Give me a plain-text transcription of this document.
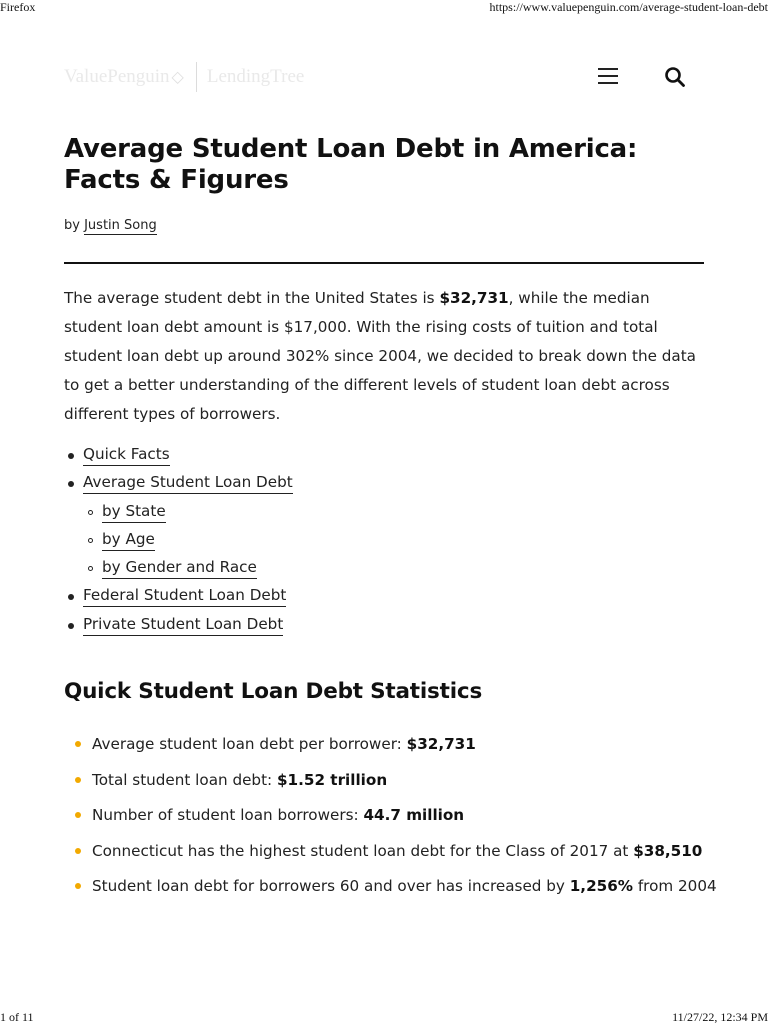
Firefox	https://www.valuepenguin.com/average-student-loan-debt
ValuePenguin ◇ LendingTree
Average Student Loan Debt in America: Facts & Figures
by Justin Song

The average student debt in the United States is $32,731, while the median student loan debt amount is $17,000. With the rising costs of tuition and total student loan debt up around 302% since 2004, we decided to break down the data to get a better understanding of the different levels of student loan debt across different types of borrowers.

Quick Facts
Average Student Loan Debt
by State
by Age
by Gender and Race
Federal Student Loan Debt
Private Student Loan Debt
Quick Student Loan Debt Statistics
Average student loan debt per borrower: $32,731
Total student loan debt: $1.52 trillion
Number of student loan borrowers: 44.7 million
Connecticut has the highest student loan debt for the Class of 2017 at $38,510
Student loan debt for borrowers 60 and over has increased by 1,256% from 2004
1 of 11	11/27/22, 12:34 PM
